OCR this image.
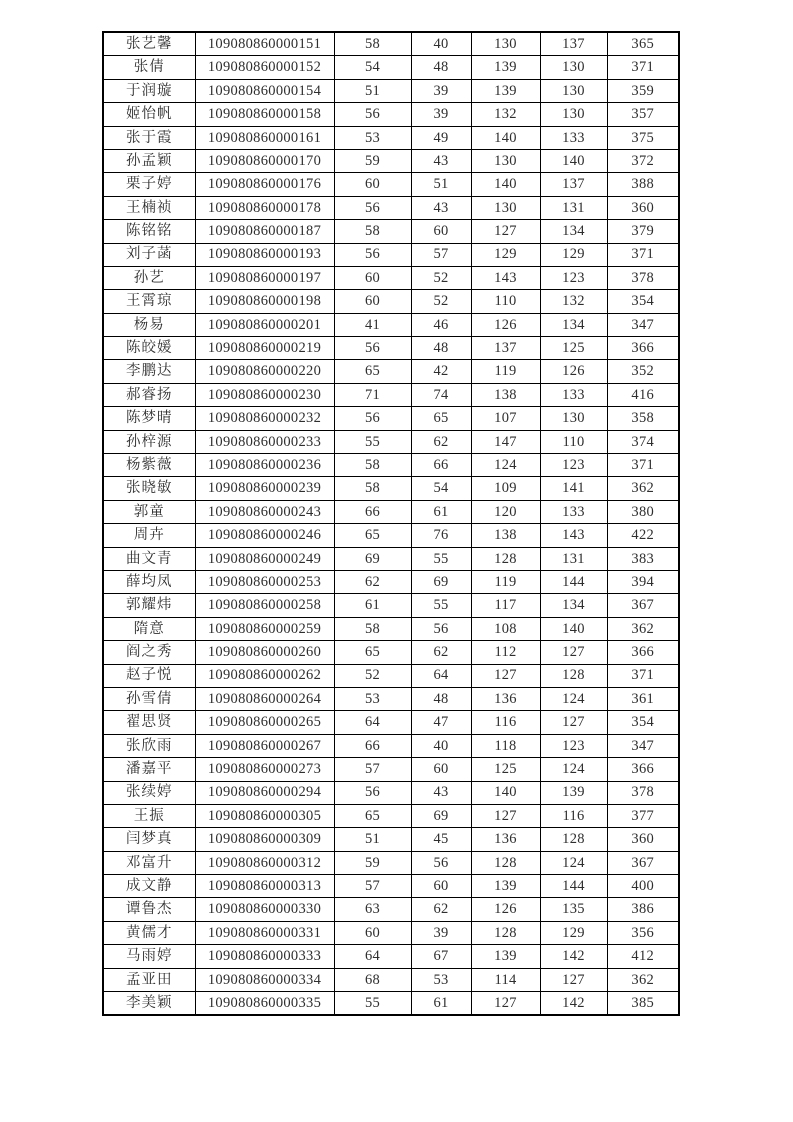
张艺馨	109080860000151	58	40	130	137	365
张倩	109080860000152	54	48	139	130	371
于润璇	109080860000154	51	39	139	130	359
姬怡帆	109080860000158	56	39	132	130	357
张于霞	109080860000161	53	49	140	133	375
孙孟颖	109080860000170	59	43	130	140	372
栗子婷	109080860000176	60	51	140	137	388
王楠祯	109080860000178	56	43	130	131	360
陈铭铭	109080860000187	58	60	127	134	379
刘子菡	109080860000193	56	57	129	129	371
孙艺	109080860000197	60	52	143	123	378
王霄琼	109080860000198	60	52	110	132	354
杨易	109080860000201	41	46	126	134	347
陈皎媛	109080860000219	56	48	137	125	366
李鹏达	109080860000220	65	42	119	126	352
郝睿扬	109080860000230	71	74	138	133	416
陈梦晴	109080860000232	56	65	107	130	358
孙梓源	109080860000233	55	62	147	110	374
杨紫薇	109080860000236	58	66	124	123	371
张晓敏	109080860000239	58	54	109	141	362
郭童	109080860000243	66	61	120	133	380
周卉	109080860000246	65	76	138	143	422
曲文青	109080860000249	69	55	128	131	383
薛均凤	109080860000253	62	69	119	144	394
郭耀炜	109080860000258	61	55	117	134	367
隋意	109080860000259	58	56	108	140	362
阎之秀	109080860000260	65	62	112	127	366
赵子悦	109080860000262	52	64	127	128	371
孙雪倩	109080860000264	53	48	136	124	361
翟思贤	109080860000265	64	47	116	127	354
张欣雨	109080860000267	66	40	118	123	347
潘嘉平	109080860000273	57	60	125	124	366
张续婷	109080860000294	56	43	140	139	378
王振	109080860000305	65	69	127	116	377
闫梦真	109080860000309	51	45	136	128	360
邓富升	109080860000312	59	56	128	124	367
成文静	109080860000313	57	60	139	144	400
谭鲁杰	109080860000330	63	62	126	135	386
黄儒才	109080860000331	60	39	128	129	356
马雨婷	109080860000333	64	67	139	142	412
孟亚田	109080860000334	68	53	114	127	362
李美颖	109080860000335	55	61	127	142	385
